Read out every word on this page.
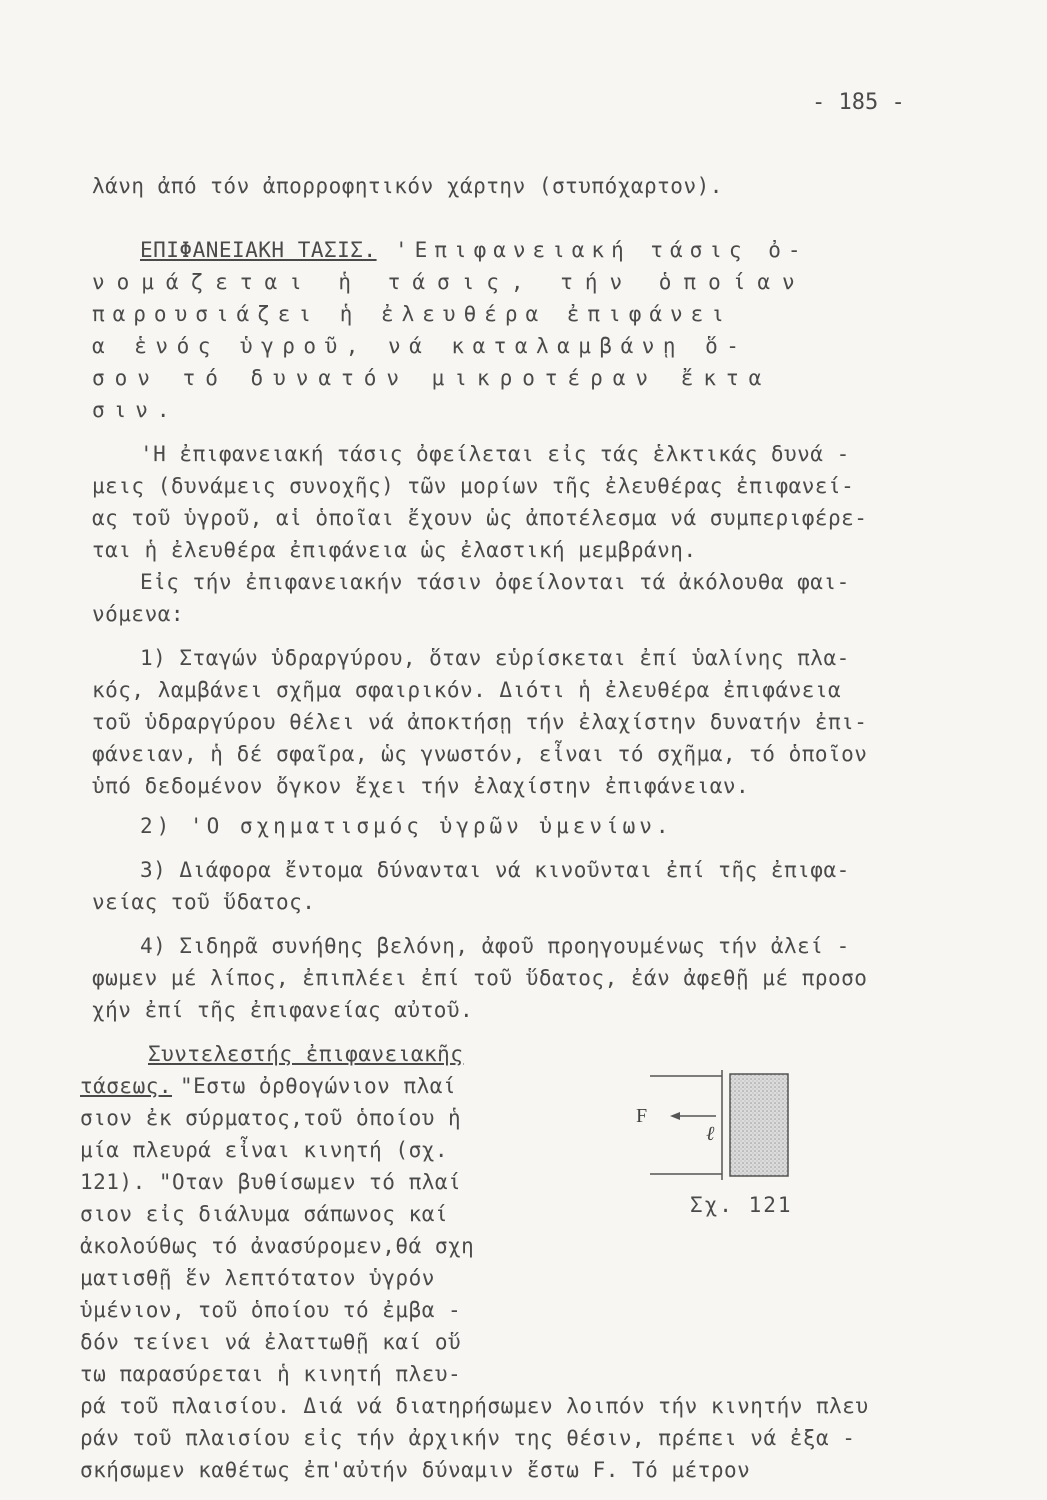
- 185 -
λάνη ἀπό τόν ἀπορροφητικόν χάρτην (στυπόχαρτον).
ΕΠΙΦΑΝΕΙΑΚΗ ΤΑΣΙΣ. 'Επιφανειακή τάσις ὀ-
νομάζεται ἡ τάσις, τήν ὁποίαν
παρουσιάζει ἡ ἐλευθέρα ἐπιφάνει
α ἑνός ὑγροῦ, νά καταλαμβάνῃ ὅ-
σον τό δυνατόν μικροτέραν ἔκτα
σιν.
'Η ἐπιφανειακή τάσις ὀφείλεται εἰς τάς ἑλκτικάς δυνά -
μεις (δυνάμεις συνοχῆς) τῶν μορίων τῆς ἐλευθέρας ἐπιφανεί-
ας τοῦ ὑγροῦ, αἱ ὁποῖαι ἔχουν ὡς ἀποτέλεσμα νά συμπεριφέρε-
ται ἡ ἐλευθέρα ἐπιφάνεια ὡς ἐλαστική μεμβράνη.
Εἰς τήν ἐπιφανειακήν τάσιν ὀφείλονται τά ἀκόλουθα φαι-
νόμενα:
1) Σταγών ὑδραργύρου, ὅταν εὑρίσκεται ἐπί ὑαλίνης πλα-
κός, λαμβάνει σχῆμα σφαιρικόν. Διότι ἡ ἐλευθέρα ἐπιφάνεια
τοῦ ὑδραργύρου θέλει νά ἀποκτήσῃ τήν ἐλαχίστην δυνατήν ἐπι-
φάνειαν, ἡ δέ σφαῖρα, ὡς γνωστόν, εἶναι τό σχῆμα, τό ὁποῖον
ὑπό δεδομένον ὄγκον ἔχει τήν ἐλαχίστην ἐπιφάνειαν.
2) 'Ο σχηματισμός ὑγρῶν ὑμενίων.
3) Διάφορα ἔντομα δύνανται νά κινοῦνται ἐπί τῆς ἐπιφα-
νείας τοῦ ὕδατος.
4) Σιδηρᾶ συνήθης βελόνη, ἀφοῦ προηγουμένως τήν ἀλεί -
φωμεν μέ λίπος, ἐπιπλέει ἐπί τοῦ ὕδατος, ἐάν ἀφεθῇ μέ προσο
χήν ἐπί τῆς ἐπιφανείας αὐτοῦ.
Συντελεστής ἐπιφανειακῆς
τάσεως. "Εστω ὀρθογώνιον πλαί
σιον ἐκ σύρματος,τοῦ ὁποίου ἡ
μία πλευρά εἶναι κινητή (σχ.
121). "Οταν βυθίσωμεν τό πλαί
σιον εἰς διάλυμα σάπωνος καί
ἀκολούθως τό ἀνασύρομεν,θά σχη
ματισθῇ ἕν λεπτότατον ὑγρόν
ὑμένιον, τοῦ ὁποίου τό ἐμβα -
δόν τείνει νά ἐλαττωθῇ καί οὕ
τω παρασύρεται ἡ κινητή πλευ-
ρά τοῦ πλαισίου. Διά νά διατηρήσωμεν λοιπόν τήν κινητήν πλευ
ράν τοῦ πλαισίου εἰς τήν ἀρχικήν της θέσιν, πρέπει νά ἐξα -
σκήσωμεν καθέτως ἐπ'αὐτήν δύναμιν ἔστω F. Τό μέτρον
F
ℓ
Σχ. 121
